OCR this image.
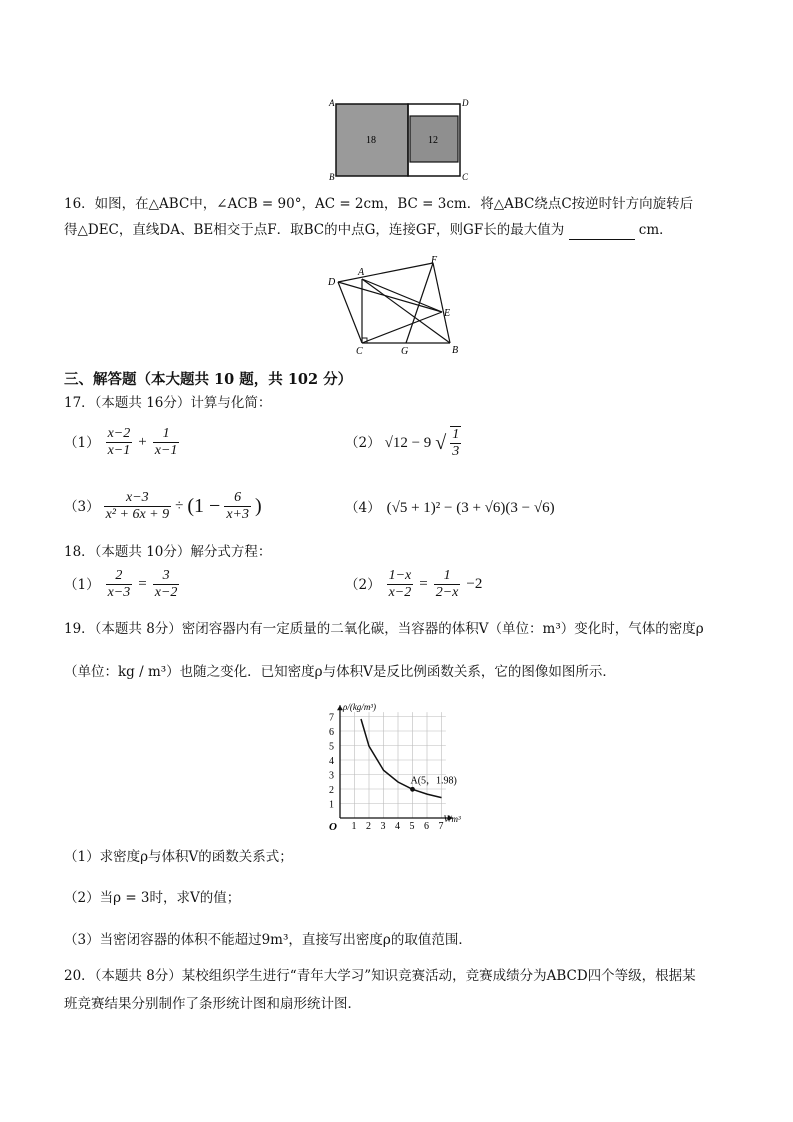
A
B	C
D
18	12
16．如图，在△ABC中，∠ACB = 90°，AC = 2cm，BC = 3cm．将△ABC绕点C按逆时针方向旋转后
得△DEC，直线DA、BE相交于点F．取BC的中点G，连接GF，则GF长的最大值为	cm．
A
B
C
D
E
F
G
三、解答题（本大题共 10 题，共 102 分）
17．（本题共 16分）计算与化简：
$(1) \frac{x-2}{x-1} + \frac{1}{x-1}$	（2） √12 − 9 √ $\frac{1}{3}$
$(3) \frac{x-3}{\text{x² + 6x + 9}} \div (1 - \frac{6}{x+3}$ )	（4） (√5 + 1)² − (3 + √6)(3 − √6)
18．（本题共 10分）解分式方程：
$(1) \frac{2}{x-3} = \frac{3}{x-2}$	$(2) \frac{1-x}{x-2} = \frac{1}{2-x} -2$
19．（本题共 8分）密闭容器内有一定质量的二氧化碳，当容器的体积V（单位：m³）变化时，气体的密度ρ
（单位：kg / m³）也随之变化．已知密度ρ与体积V是反比例函数关系，它的图像如图所示．
1 2 3 4 5 6 7
1
2
3
4
5
6
7
V/m³
ρ/(kg/m³)
O
A(5，1.98)
（1）求密度ρ与体积V的函数关系式；
（2）当ρ = 3时，求V的值；
（3）当密闭容器的体积不能超过9m³，直接写出密度ρ的取值范围．
20．（本题共 8分）某校组织学生进行“青年大学习”知识竞赛活动，竞赛成绩分为ABCD四个等级，根据某
班竞赛结果分别制作了条形统计图和扇形统计图．
